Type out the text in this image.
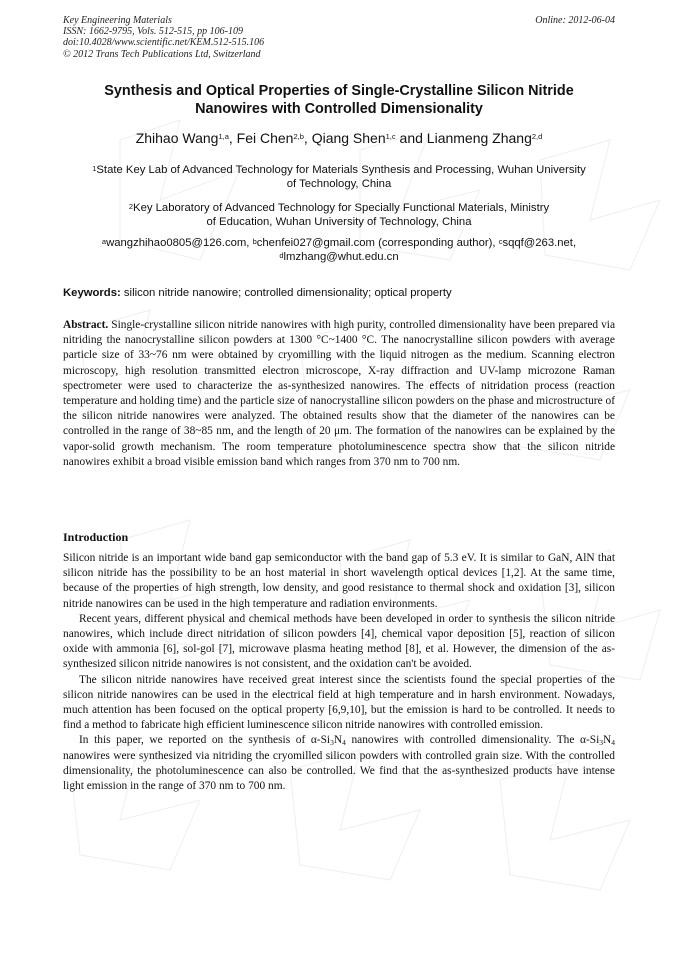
Key Engineering Materials
ISSN: 1662-9795, Vols. 512-515, pp 106-109
doi:10.4028/www.scientific.net/KEM.512-515.106
© 2012 Trans Tech Publications Ltd, Switzerland
Online: 2012-06-04
Synthesis and Optical Properties of Single-Crystalline Silicon Nitride
Nanowires with Controlled Dimensionality
Zhihao Wang$^{1,a}$, Fei Chen$^{2,b}$, Qiang Shen$^{1,c}$ and Lianmeng Zhang$^{2,d}$
$^1$State Key Lab of Advanced Technology for Materials Synthesis and Processing, Wuhan University
of Technology, China
$^2$Key Laboratory of Advanced Technology for Specially Functional Materials, Ministry
of Education, Wuhan University of Technology, China
$^a$wangzhihao0805@126.com, $^b$chenfei027@gmail.com (corresponding author), $^c$sqqf@263.net,
$^d$lmzhang@whut.edu.cn
Keywords: silicon nitride nanowire; controlled dimensionality; optical property
Abstract. Single-crystalline silicon nitride nanowires with high purity, controlled dimensionality have been prepared via nitriding the nanocrystalline silicon powders at 1300 °C~1400 °C. The nanocrystalline silicon powders with average particle size of 33~76 nm were obtained by cryomilling with the liquid nitrogen as the medium. Scanning electron microscopy, high resolution transmitted electron microscope, X-ray diffraction and UV-lamp microzone Raman spectrometer were used to characterize the as-synthesized nanowires. The effects of nitridation process (reaction temperature and holding time) and the particle size of nanocrystalline silicon powders on the phase and microstructure of the silicon nitride nanowires were analyzed. The obtained results show that the diameter of the nanowires can be controlled in the range of 38~85 nm, and the length of 20 μm. The formation of the nanowires can be explained by the vapor-solid growth mechanism. The room temperature photoluminescence spectra show that the silicon nitride nanowires exhibit a broad visible emission band which ranges from 370 nm to 700 nm.
Introduction

Silicon nitride is an important wide band gap semiconductor with the band gap of 5.3 eV. It is similar to GaN, AlN that silicon nitride has the possibility to be an host material in short wavelength optical devices [1,2]. At the same time, because of the properties of high strength, low density, and good resistance to thermal shock and oxidation [3], silicon nitride nanowires can be used in the high temperature and radiation environments.

Recent years, different physical and chemical methods have been developed in order to synthesis the silicon nitride nanowires, which include direct nitridation of silicon powders [4], chemical vapor deposition [5], reaction of silicon oxide with ammonia [6], sol-gol [7], microwave plasma heating method [8], et al. However, the dimension of the as-synthesized silicon nitride nanowires is not consistent, and the oxidation can't be avoided.

The silicon nitride nanowires have received great interest since the scientists found the special properties of the silicon nitride nanowires can be used in the electrical field at high temperature and in harsh environment. Nowadays, much attention has been focused on the optical property [6,9,10], but the emission is hard to be controlled. It needs to find a method to fabricate high efficient luminescence silicon nitride nanowires with controlled emission.

In this paper, we reported on the synthesis of $\alpha-Si_3N_4$ nanowires with controlled dimensionality. The $\alpha-Si_3N_4$ nanowires were synthesized via nitriding the cryomilled silicon powders with controlled grain size. With the controlled dimensionality, the photoluminescence can also be controlled. We find that the as-synthesized products have intense light emission in the range of 370 nm to 700 nm.
